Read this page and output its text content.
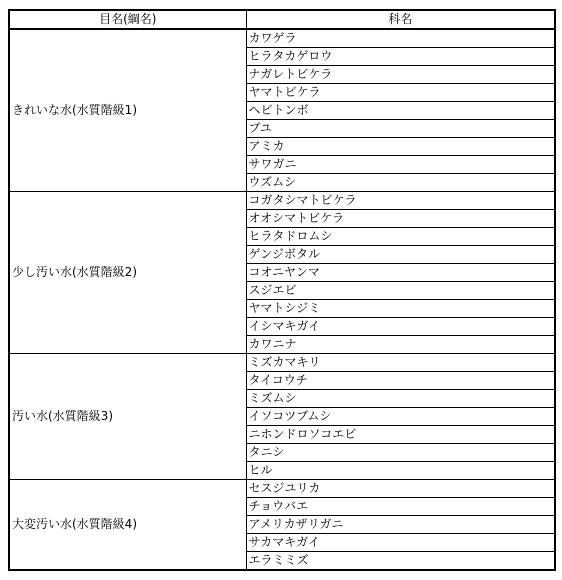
目名(綱名)	科名
きれいな水(水質階級1)	カワゲラ
	ヒラタカゲロウ
	ナガレトビケラ
	ヤマトビケラ
	ヘビトンボ
	ブユ
	アミカ
	サワガニ
	ウズムシ
少し汚い水(水質階級2)	コガタシマトビケラ
	オオシマトビケラ
	ヒラタドロムシ
	ゲンジボタル
	コオニヤンマ
	スジエビ
	ヤマトシジミ
	イシマキガイ
	カワニナ
汚い水(水質階級3)	ミズカマキリ
	タイコウチ
	ミズムシ
	イソコツブムシ
	ニホンドロソコエビ
	タニシ
	ヒル
大変汚い水(水質階級4)	セスジユリカ
	チョウバエ
	アメリカザリガニ
	サカマキガイ
	エラミミズ
